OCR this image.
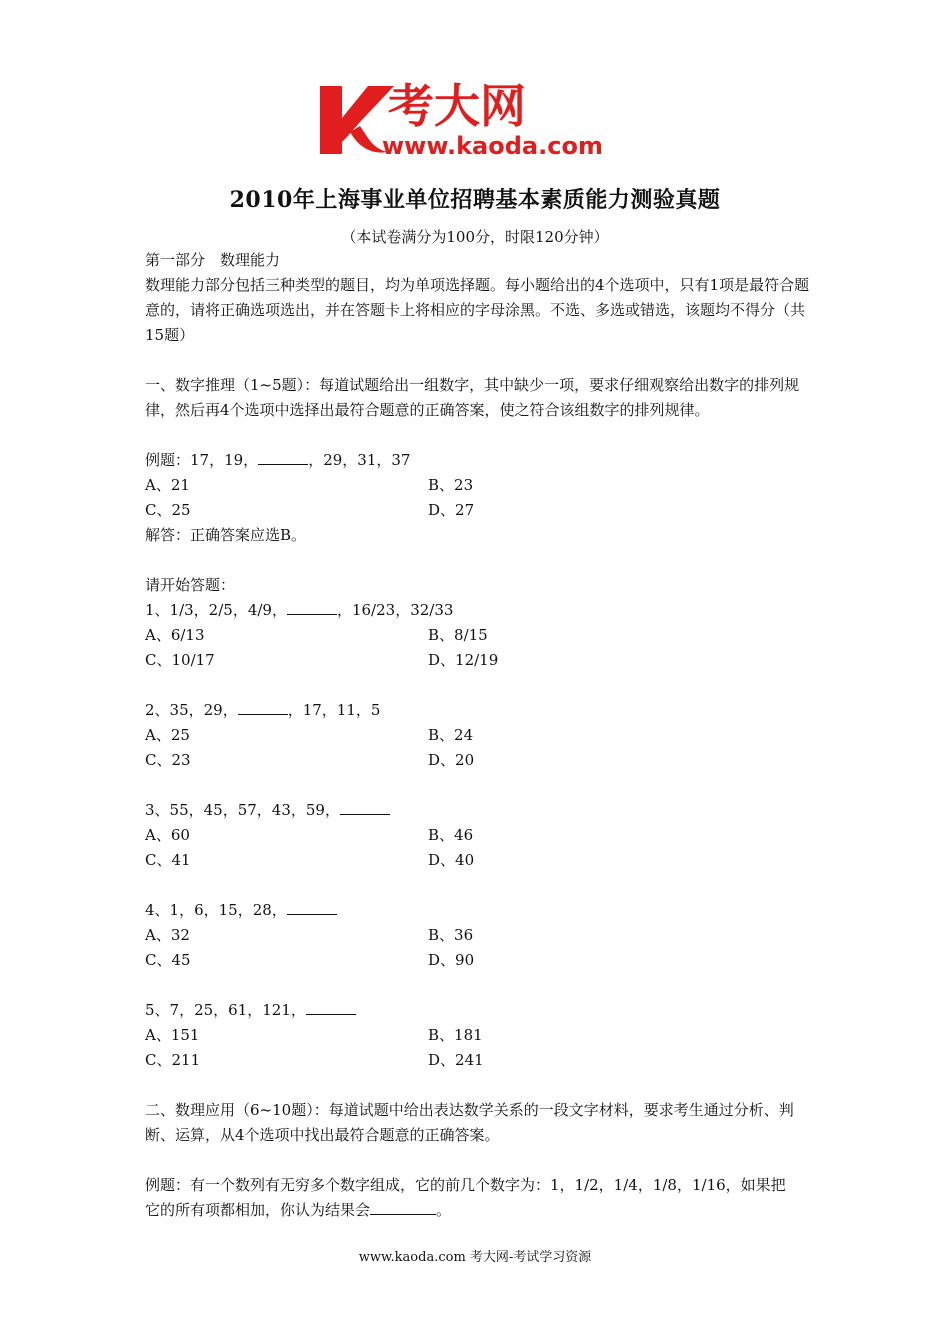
考大网
www.kaoda.com
2010年上海事业单位招聘基本素质能力测验真题
（本试卷满分为100分，时限120分钟）
第一部分　数理能力
数理能力部分包括三种类型的题目，均为单项选择题。每小题给出的4个选项中，只有1项是最符合题意的，请将正确选项选出，并在答题卡上将相应的字母涂黑。不选、多选或错选，该题均不得分（共15题）
一、数字推理（1~5题）：每道试题给出一组数字，其中缺少一项，要求仔细观察给出数字的排列规律，然后再4个选项中选择出最符合题意的正确答案，使之符合该组数字的排列规律。
例题：17，19，	，29，31，37
A、21	B、23
C、25	D、27
解答：正确答案应选B。
请开始答题：
1、1/3，2/5，4/9，	，16/23，32/33
A、6/13	B、8/15
C、10/17	D、12/19
2、35，29，	，17，11，5
A、25	B、24
C、23	D、20
3、55，45，57，43，59，
A、60	B、46
C、41	D、40
4、1，6，15，28，
A、32	B、36
C、45	D、90
5、7，25，61，121，
A、151	B、181
C、211	D、241
二、数理应用（6~10题）：每道试题中给出表达数学关系的一段文字材料，要求考生通过分析、判断、运算，从4个选项中找出最符合题意的正确答案。
例题：有一个数列有无穷多个数字组成，它的前几个数字为：1，1/2，1/4，1/8，1/16，如果把
它的所有项都相加，你认为结果会	。
www.kaoda.com 考大网-考试学习资源
